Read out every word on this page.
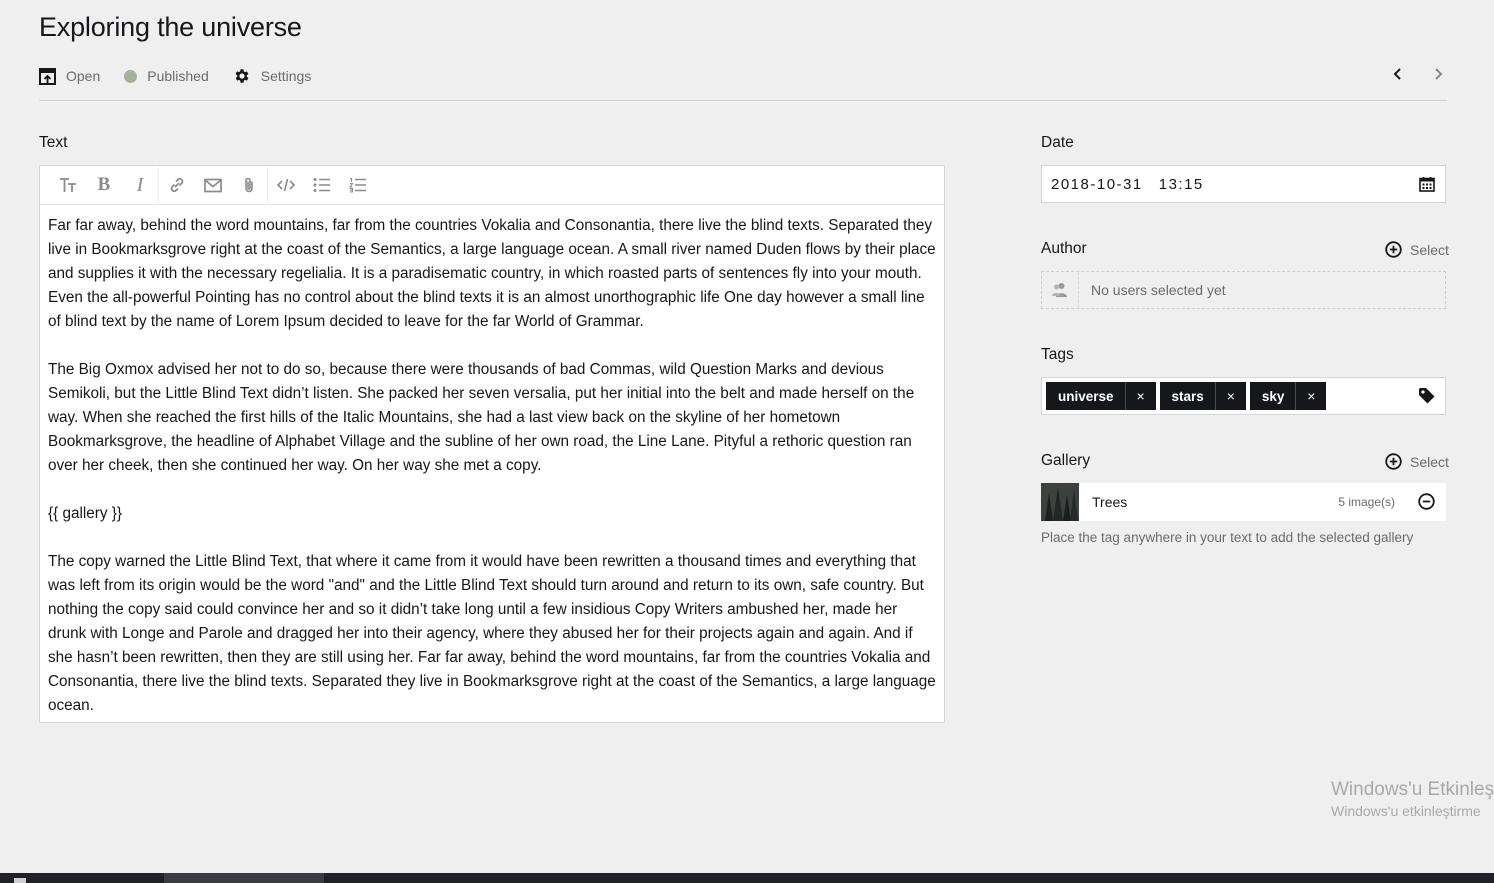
Exploring the universe
Open	Published	Settings
Text
B I

Far far away, behind the word mountains, far from the countries Vokalia and Consonantia, there live the blind texts. Separated they live in Bookmarksgrove right at the coast of the Semantics, a large language ocean. A small river named Duden flows by their place and supplies it with the necessary regelialia. It is a paradisematic country, in which roasted parts of sentences fly into your mouth. Even the all-powerful Pointing has no control about the blind texts it is an almost unorthographic life One day however a small line of blind text by the name of Lorem Ipsum decided to leave for the far World of Grammar.

The Big Oxmox advised her not to do so, because there were thousands of bad Commas, wild Question Marks and devious Semikoli, but the Little Blind Text didn’t listen. She packed her seven versalia, put her initial into the belt and made herself on the way. When she reached the first hills of the Italic Mountains, she had a last view back on the skyline of her hometown Bookmarksgrove, the headline of Alphabet Village and the subline of her own road, the Line Lane. Pityful a rethoric question ran over her cheek, then she continued her way. On her way she met a copy.

{{ gallery }}

The copy warned the Little Blind Text, that where it came from it would have been rewritten a thousand times and everything that was left from its origin would be the word "and" and the Little Blind Text should turn around and return to its own, safe country. But nothing the copy said could convince her and so it didn’t take long until a few insidious Copy Writers ambushed her, made her drunk with Longe and Parole and dragged her into their agency, where they abused her for their projects again and again. And if she hasn’t been rewritten, then they are still using her. Far far away, behind the word mountains, far from the countries Vokalia and Consonantia, there live the blind texts. Separated they live in Bookmarksgrove right at the coast of the Semantics, a large language ocean.

Date
2018-10-31 13:15
Author	Select
No users selected yet
Tags
universe	×	stars	×	sky	×
Gallery	Select
Trees	5 image(s)
Place the tag anywhere in your text to add the selected gallery
Windows'u Etkinleş
Windows'u etkinleştirme
